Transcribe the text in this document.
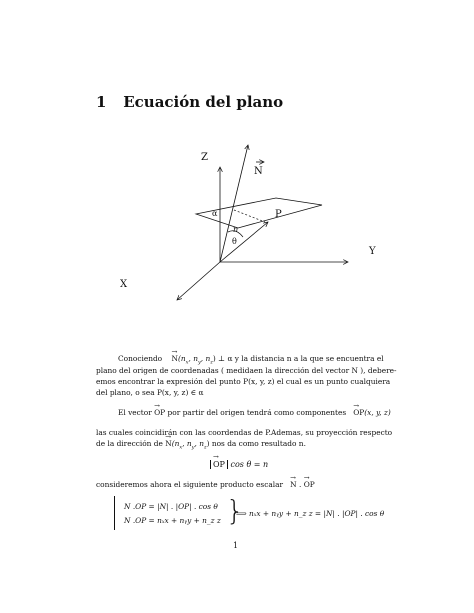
1 Ecuación del plano
Z
Y
X
N
P
α
n
θ
Conociendo → $N(n_x$, $n_y$, $n_z$) ⊥ α y la distancia n a la que se encuentra el
plano del origen de coordenadas ( medidaen la dirección del vector N ), debere-
emos encontrar la expresión del punto P(x, y, z) el cual es un punto cualquiera
del plano, o sea P(x, y, z) ∈ α
El vector → OP por partir del origen tendrá como componentes → OP(x, y, z)
las cuales coincidirán con las coordendas de P.Ademas, su proyección respecto
de la dirección de → $N(n_x$, $n_y$, $n_z$) nos da como resultado n.
→ OP cos θ = n
consideremos ahora el siguiente producto escalar → N . → OP
N .OP = |N| . |OP| . cos θ
N .OP = nₓx + nᵧy + n_z z }
⟹ nₓx + nᵧy + n_z z = |N| . |OP| . cos θ
1
